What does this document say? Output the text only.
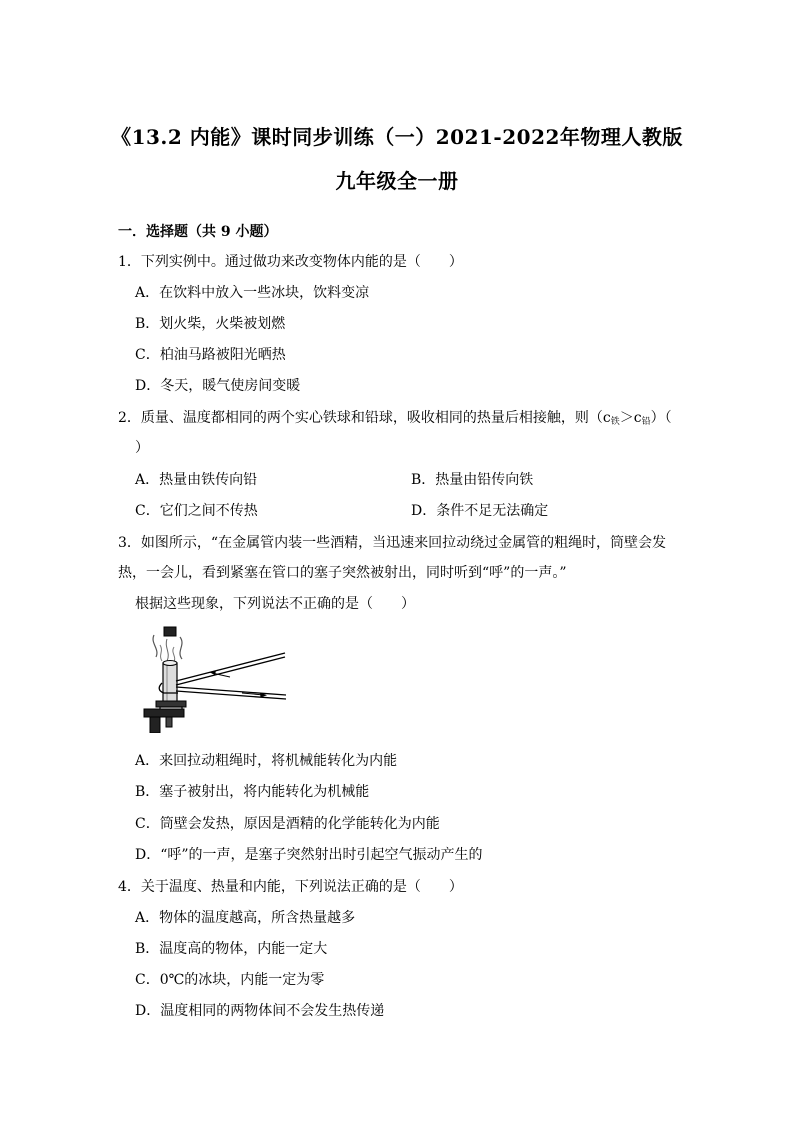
《13.2 内能》课时同步训练（一）2021-2022年物理人教版
九年级全一册
一．选择题（共 9 小题）
1．下列实例中。通过做功来改变物体内能的是（　　）
A．在饮料中放入一些冰块，饮料变凉
B．划火柴，火柴被划燃
C．柏油马路被阳光晒热
D．冬天，暖气使房间变暖
2．质量、温度都相同的两个实心铁球和铅球，吸收相同的热量后相接触，则$(c_铁>c_铅)$（
）
A．热量由铁传向铅	B．热量由铅传向铁
C．它们之间不传热	D．条件不足无法确定
3．如图所示，“在金属管内装一些酒精，当迅速来回拉动绕过金属管的粗绳时，筒壁会发
热，一会儿，看到紧塞在管口的塞子突然被射出，同时听到“呼”的一声。”
根据这些现象，下列说法不正确的是（　　）
A．来回拉动粗绳时，将机械能转化为内能
B．塞子被射出，将内能转化为机械能
C．筒壁会发热，原因是酒精的化学能转化为内能
D．“呼”的一声，是塞子突然射出时引起空气振动产生的
4．关于温度、热量和内能，下列说法正确的是（　　）
A．物体的温度越高，所含热量越多
B．温度高的物体，内能一定大
C．0℃的冰块，内能一定为零
D．温度相同的两物体间不会发生热传递
